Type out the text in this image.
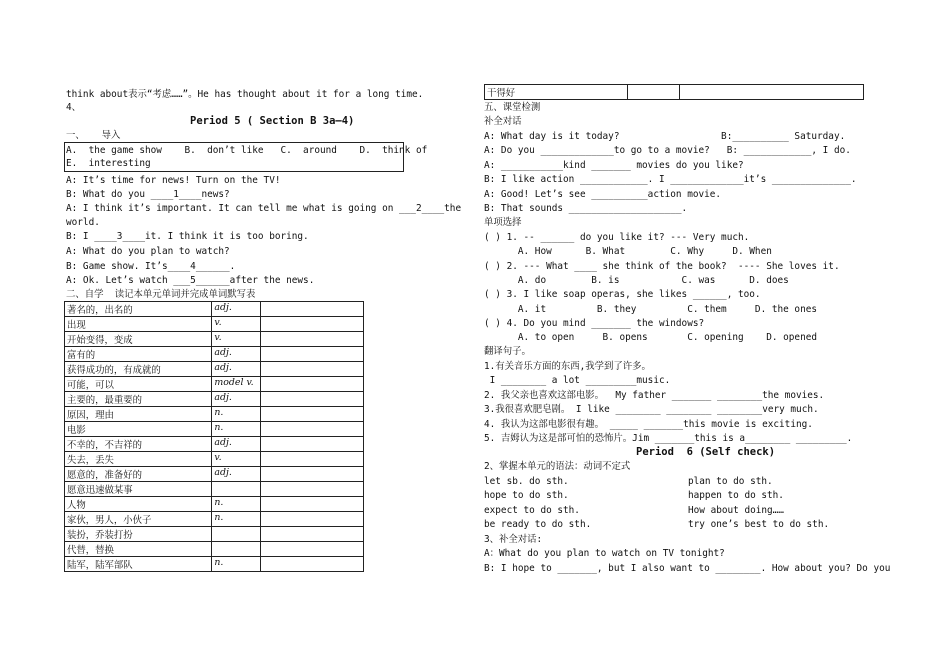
think about表示“考虑……”。He has thought about it for a long time.
4、
Period 5 ( Section B 3a—4)
一、   导入
A.  the game show    B.  don’t like   C.  around    D.  think of
E.  interesting
A: It’s time for news! Turn on the TV!
B: What do you ____1____news?
A: I think it’s important. It can tell me what is going on ___2____the
world.
B: I ____3____it. I think it is too boring.
A: What do you plan to watch?
B: Game show. It’s____4______.
A: Ok. Let’s watch ___5______after the news.
二、自学  读记本单元单词并完成单词默写表
著名的，出名的	adj.	
出现	v.	
开始变得，变成	v.	
富有的	adj.	
获得成功的，有成就的	adj.	
可能，可以	model v.	
主要的，最重要的	adj.	
原因，理由	n.	
电影	n.	
不幸的，不吉祥的	adj.	
失去，丢失	v.	
愿意的，准备好的	adj.	
愿意迅速做某事		
人物	n.	
家伙，男人，小伙子	n.	
装扮，乔装打扮		
代替，替换		
陆军，陆军部队	n.	
干得好		
五、课堂检测
补全对话
A: What day is it today?                  B:__________ Saturday.
A: Do you _____________to go to a movie?   B: ____________, I do.
A: ___________kind _______ movies do you like?
B: I like action ____________. I _____________it’s ______________.
A: Good! Let’s see __________action movie.
B: That sounds ____________________.
单项选择
( ) 1. -- ______ do you like it? --- Very much.
A. How      B. What        C. Why     D. When
( ) 2. --- What ____ she think of the book?  ---- She loves it.
A. do        B. is           C. was      D. does
( ) 3. I like soap operas, she likes ______, too.
A. it         B. they         C. them     D. the ones
( ) 4. Do you mind _______ the windows?
A. to open     B. opens       C. opening    D. opened
翻译句子。
1.有关音乐方面的东西,我学到了许多。
I ________ a lot _________music.
2. 我父亲也喜欢这部电影。  My father _______ ________the movies.
3.我很喜欢肥皂剧。 I like ________ ________ ________very much.
4. 我认为这部电影很有趣。 _____ _______this movie is exciting.
5. 吉姆认为这是部可怕的恐怖片。Jim _______this is a________ _________.
Period  6 (Self check)
2、掌握本单元的语法：动词不定式
let sb. do sth.
hope to do sth.
expect to do sth.
be ready to do sth.
plan to do sth.
happen to do sth.
How about doing……
try one’s best to do sth.
3、补全对话:
A：What do you plan to watch on TV tonight?
B: I hope to _______, but I also want to ________. How about you? Do you
